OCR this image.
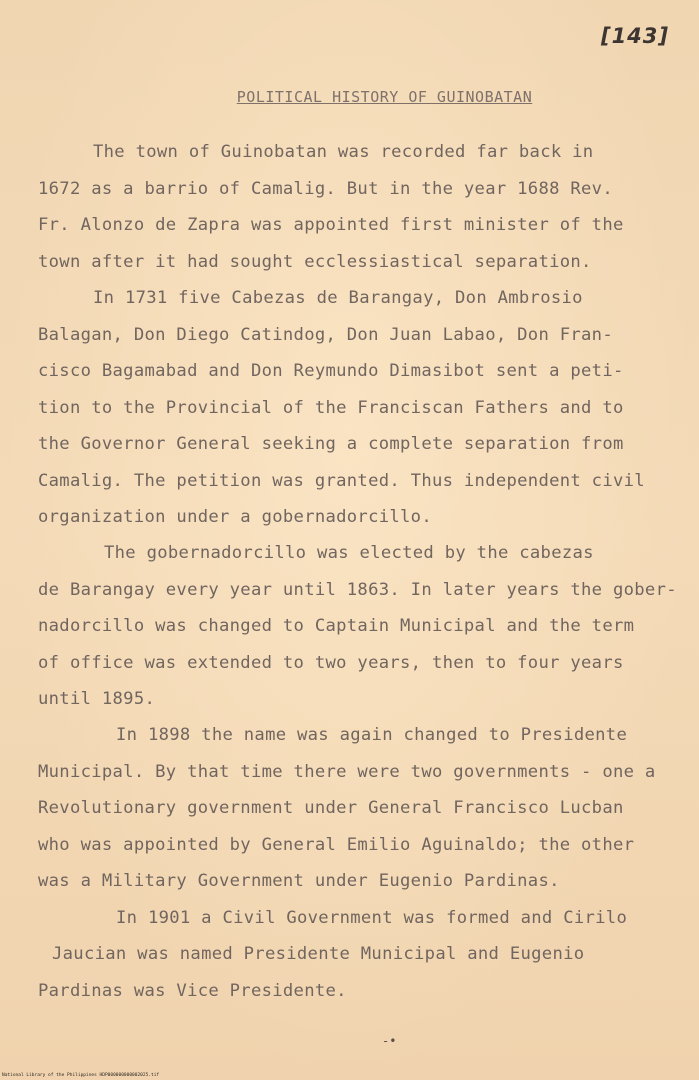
[143]
POLITICAL HISTORY OF GUINOBATAN
The town of Guinobatan was recorded far back in
1672 as a barrio of Camalig. But in the year 1688 Rev.
Fr. Alonzo de Zapra was appointed first minister of the
town after it had sought ecclessiastical separation.
In 1731 five Cabezas de Barangay, Don Ambrosio
Balagan, Don Diego Catindog, Don Juan Labao, Don Fran-
cisco Bagamabad and Don Reymundo Dimasibot sent a peti-
tion to the Provincial of the Franciscan Fathers and to
the Governor General seeking a complete separation from
Camalig. The petition was granted. Thus independent civil
organization under a gobernadorcillo.
The gobernadorcillo was elected by the cabezas
de Barangay every year until 1863. In later years the gober-
nadorcillo was changed to Captain Municipal and the term
of office was extended to two years, then to four years
until 1895.
In 1898 the name was again changed to Presidente
Municipal. By that time there were two governments - one a
Revolutionary government under General Francisco Lucban
who was appointed by General Emilio Aguinaldo; the other
was a Military Government under Eugenio Pardinas.
In 1901 a Civil Government was formed and Cirilo
Jaucian was named Presidente Municipal and Eugenio
Pardinas was Vice Presidente.
-•
National Library of the Philippines HDP000000000002025.tif
